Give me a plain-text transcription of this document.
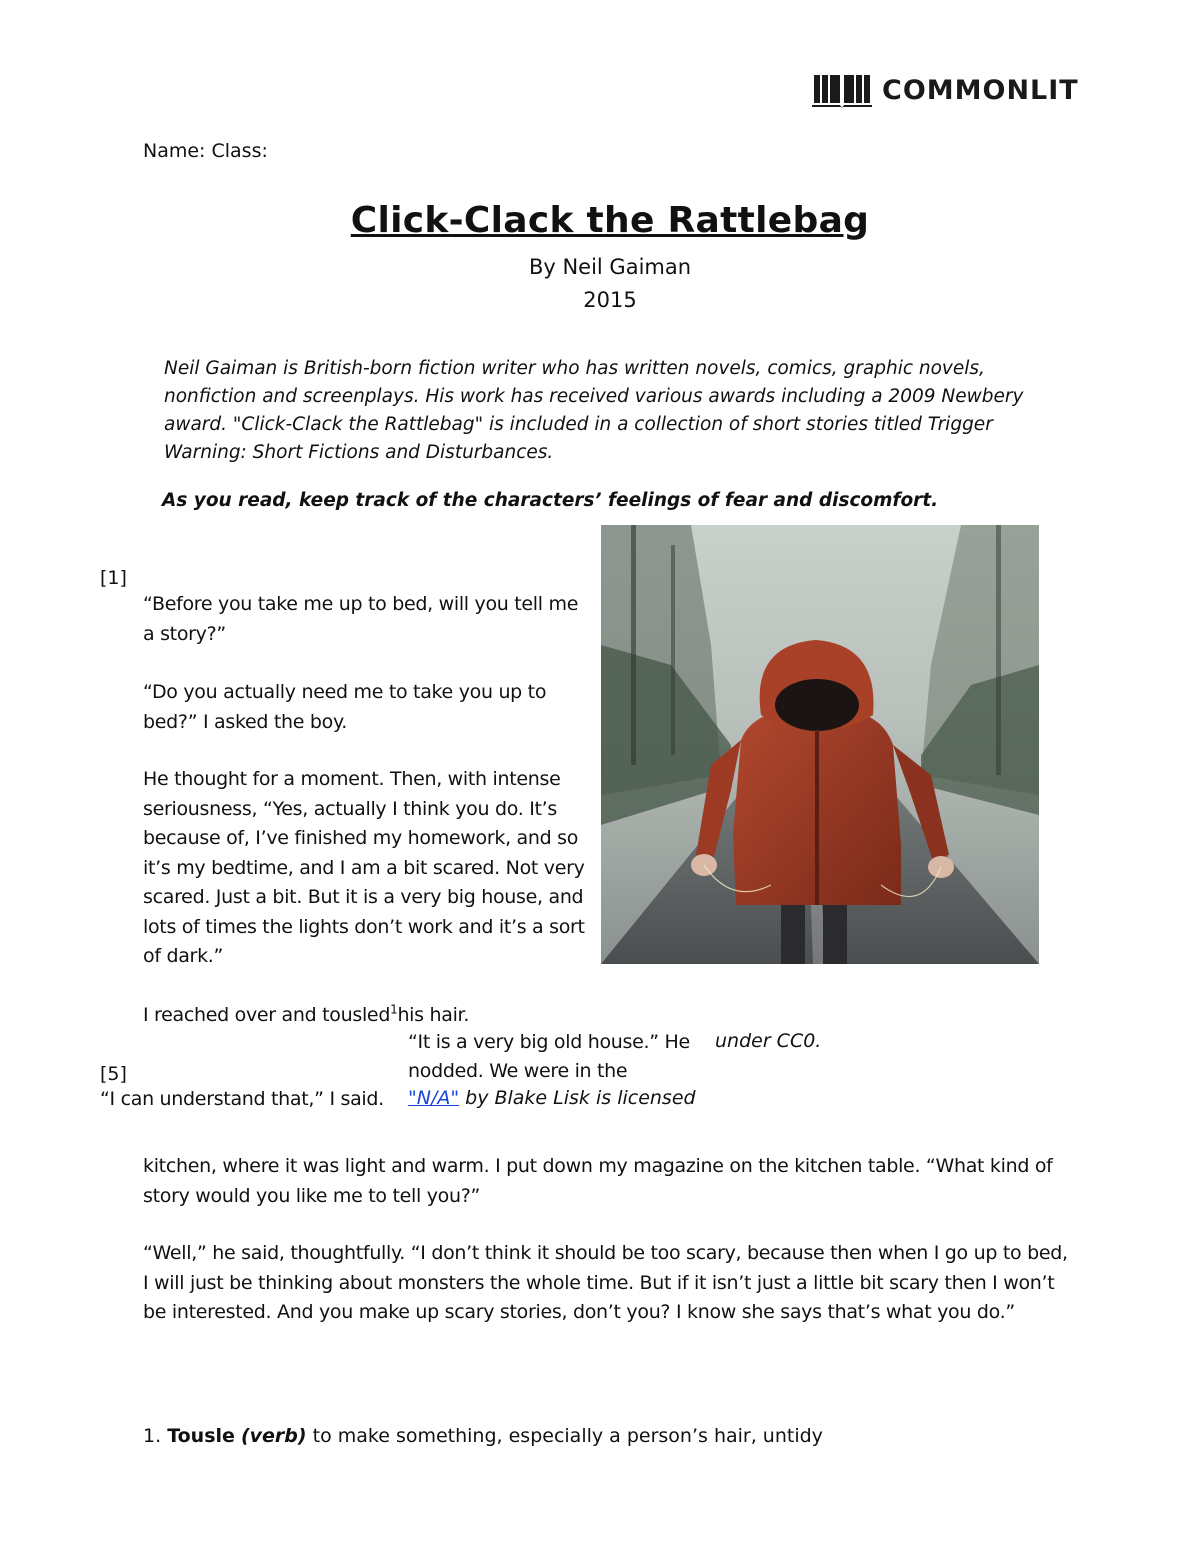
COMMONLIT
Name: Class:
Click-Clack the Rattlebag
By Neil Gaiman
2015
Neil Gaiman is British-born fiction writer who has written novels, comics, graphic novels, nonfiction and screenplays. His work has received various awards including a 2009 Newbery award. "Click-Clack the Rattlebag" is included in a collection of short stories titled Trigger Warning: Short Fictions and Disturbances.
As you read, keep track of the characters’ feelings of fear and discomfort.
[1]
“Before you take me up to bed, will you tell me a story?”
“Do you actually need me to take you up to bed?” I asked the boy.
He thought for a moment. Then, with intense seriousness, “Yes, actually I think you do. It’s because of, I’ve finished my homework, and so it’s my bedtime, and I am a bit scared. Not very scared. Just a bit. But it is a very big house, and lots of times the lights don’t work and it’s a sort of dark.”
I reached over and tousled$^1$his hair.
“It is a very big old house.” He
nodded. We were in the
under CC0.
"N/A" by Blake Lisk is licensed
[5]
“I can understand that,” I said.
kitchen, where it was light and warm. I put down my magazine on the kitchen table. “What kind of story would you like me to tell you?”
“Well,” he said, thoughtfully. “I don’t think it should be too scary, because then when I go up to bed, I will just be thinking about monsters the whole time. But if it isn’t just a little bit scary then I won’t be interested. And you make up scary stories, don’t you? I know she says that’s what you do.”
1. Tousle (verb) to make something, especially a person’s hair, untidy
